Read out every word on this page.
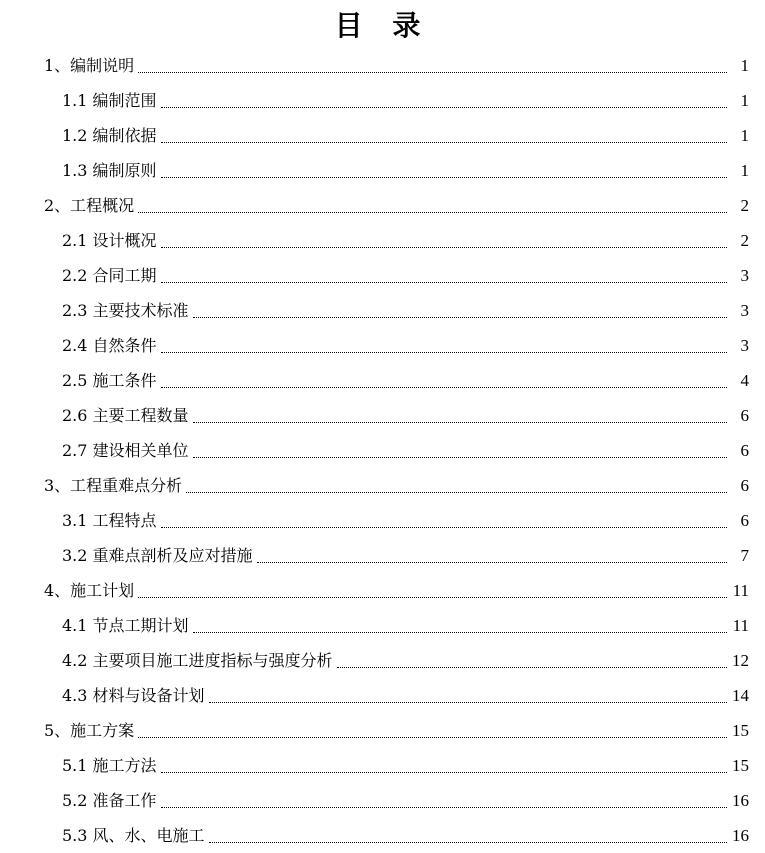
目 录
1、编制说明	1
1.1 编制范围	1
1.2 编制依据	1
1.3 编制原则	1
2、工程概况	2
2.1 设计概况	2
2.2 合同工期	3
2.3 主要技术标准	3
2.4 自然条件	3
2.5 施工条件	4
2.6 主要工程数量	6
2.7 建设相关单位	6
3、工程重难点分析	6
3.1 工程特点	6
3.2 重难点剖析及应对措施	7
4、施工计划	11
4.1 节点工期计划	11
4.2 主要项目施工进度指标与强度分析	12
4.3 材料与设备计划	14
5、施工方案	15
5.1 施工方法	15
5.2 准备工作	16
5.3 风、水、电施工	16
